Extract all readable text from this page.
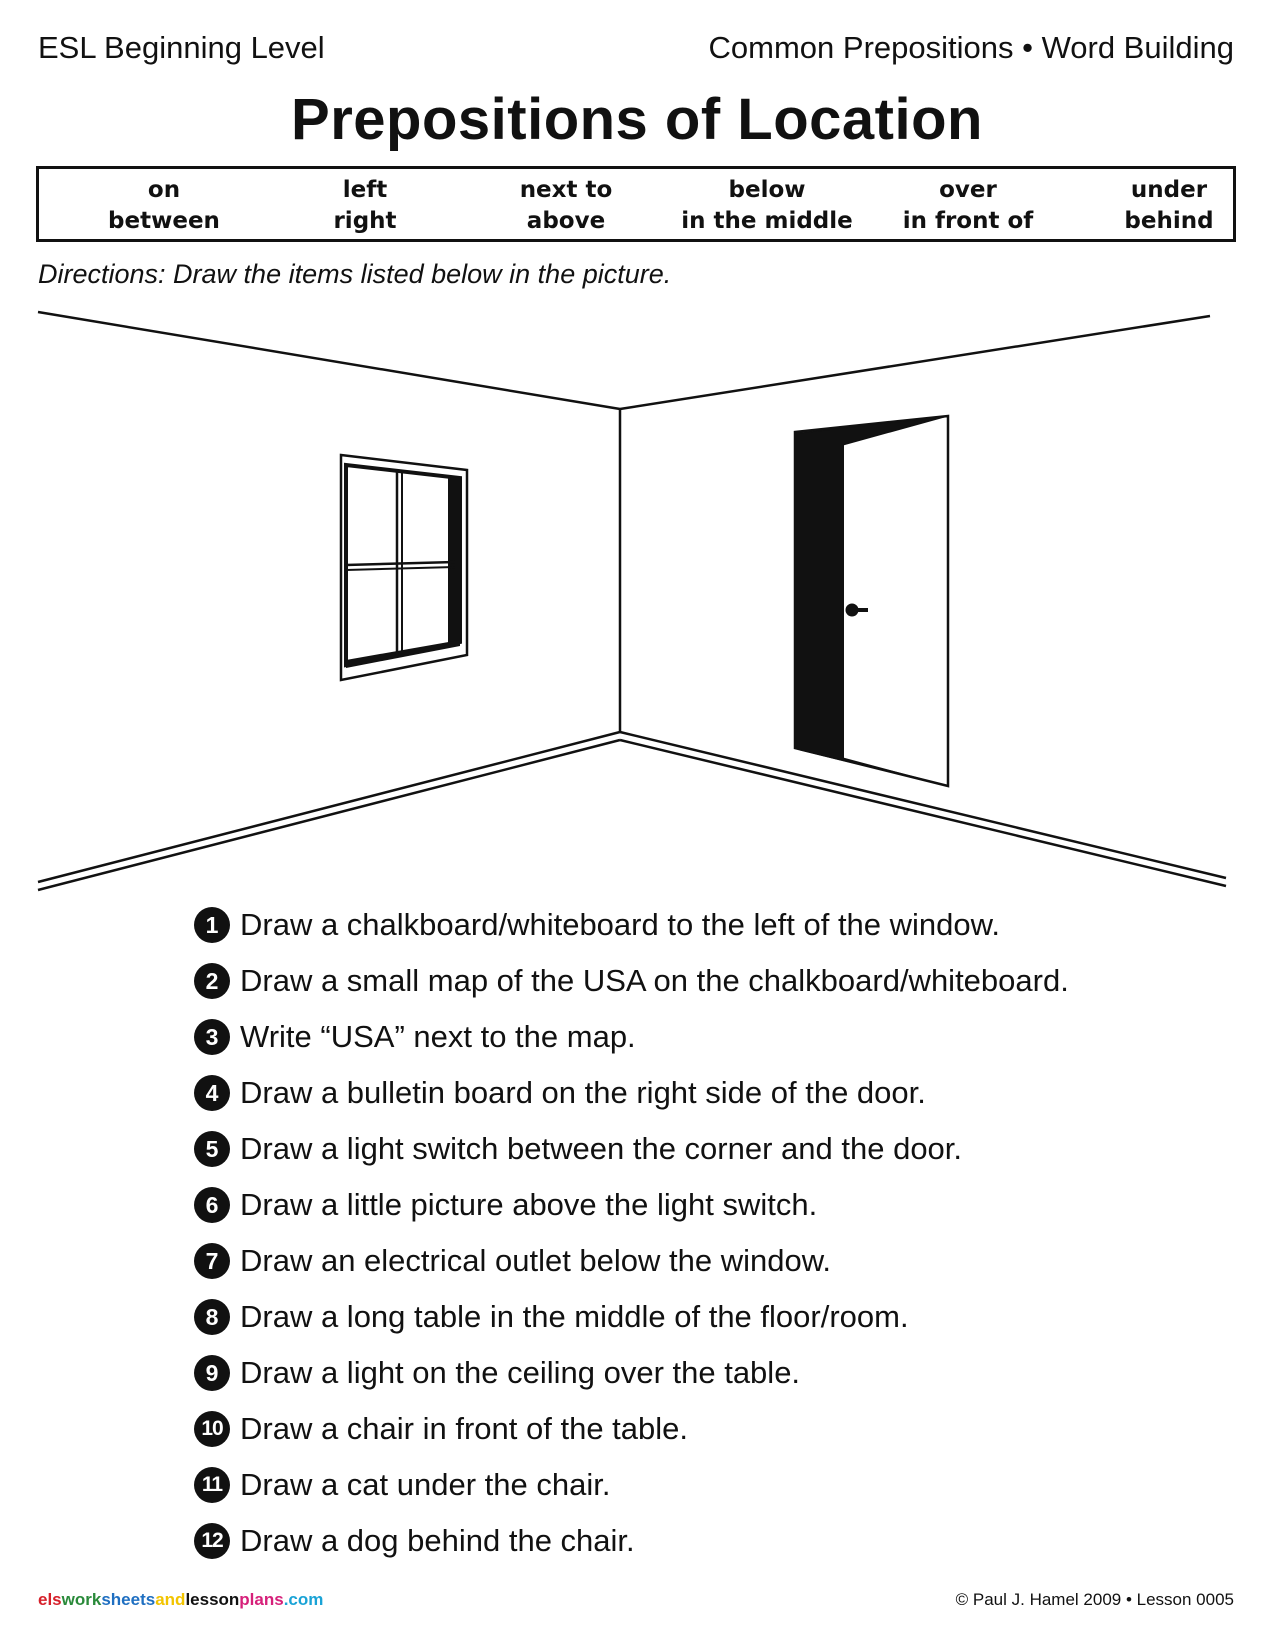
ESL Beginning Level	Common Prepositions • Word Building
Prepositions of Location
on
between
left
right
next to
above
below
in the middle
over
in front of
under
behind
Directions: Draw the items listed below in the picture.
1 Draw a chalkboard/whiteboard to the left of the window.
2 Draw a small map of the USA on the chalkboard/whiteboard.
3 Write “USA” next to the map.
4 Draw a bulletin board on the right side of the door.
5 Draw a light switch between the corner and the door.
6 Draw a little picture above the light switch.
7 Draw an electrical outlet below the window.
8 Draw a long table in the middle of the floor/room.
9 Draw a light on the ceiling over the table.
10 Draw a chair in front of the table.
11 Draw a cat under the chair.
12 Draw a dog behind the chair.
elsworksheetsandlessonplans.com	© Paul J. Hamel 2009 • Lesson 0005
